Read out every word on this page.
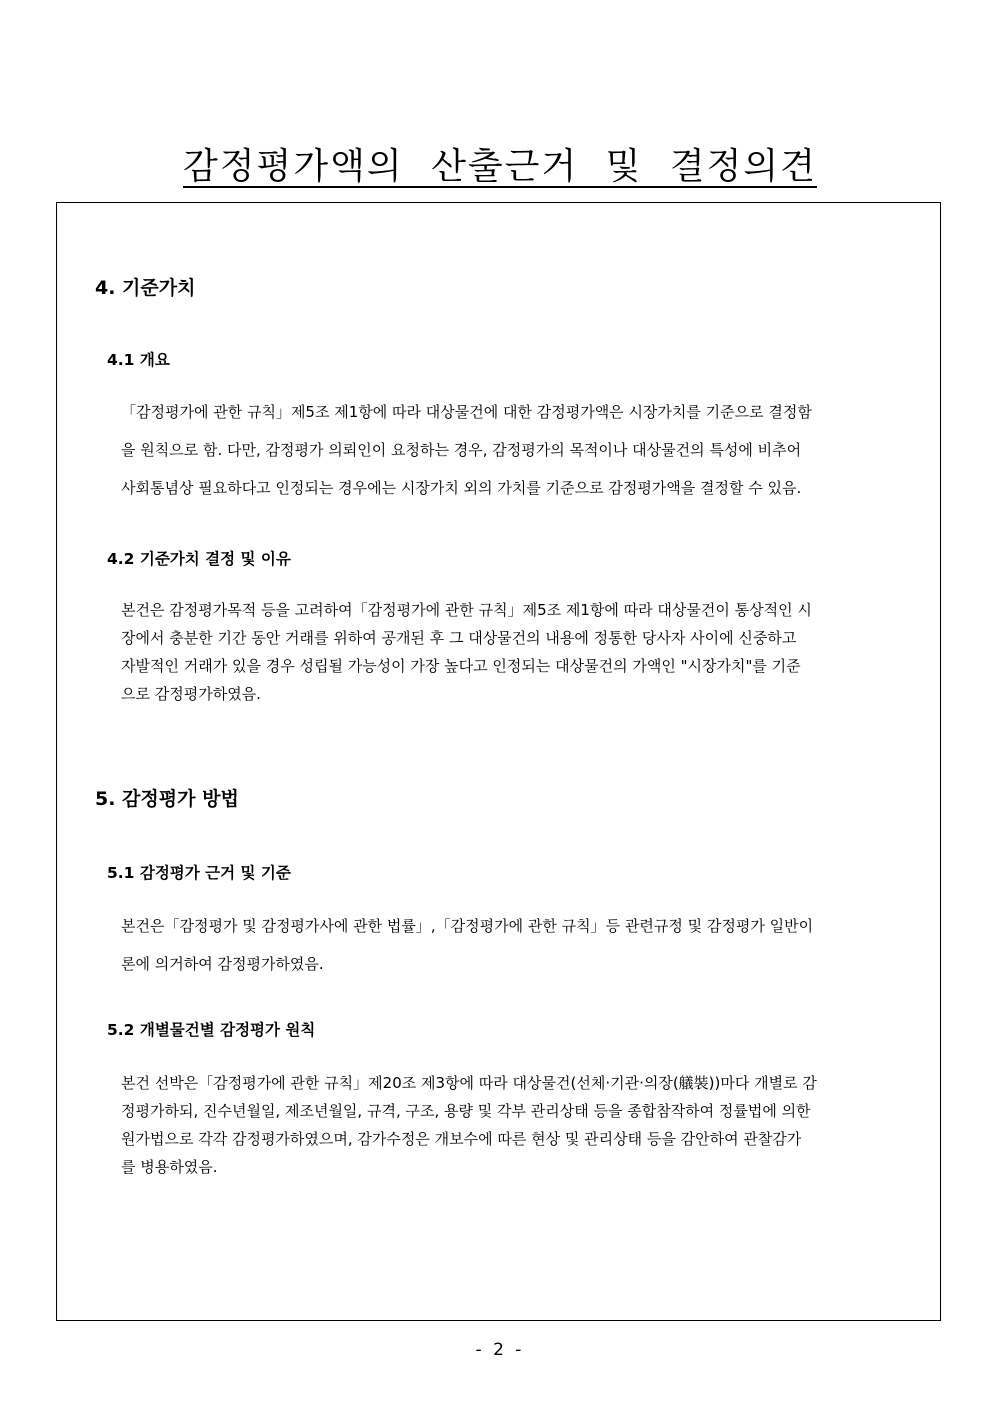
감정평가액의 산출근거 및 결정의견
4. 기준가치
4.1 개요

「감정평가에 관한 규칙」제5조 제1항에 따라 대상물건에 대한 감정평가액은 시장가치를 기준으로 결정함
을 원칙으로 함. 다만, 감정평가 의뢰인이 요청하는 경우, 감정평가의 목적이나 대상물건의 특성에 비추어
사회통념상 필요하다고 인정되는 경우에는 시장가치 외의 가치를 기준으로 감정평가액을 결정할 수 있음.

4.2 기준가치 결정 및 이유

본건은 감정평가목적 등을 고려하여「감정평가에 관한 규칙」제5조 제1항에 따라 대상물건이 통상적인 시
장에서 충분한 기간 동안 거래를 위하여 공개된 후 그 대상물건의 내용에 정통한 당사자 사이에 신중하고
자발적인 거래가 있을 경우 성립될 가능성이 가장 높다고 인정되는 대상물건의 가액인 "시장가치"를 기준
으로 감정평가하였음.

5. 감정평가 방법
5.1 감정평가 근거 및 기준

본건은「감정평가 및 감정평가사에 관한 법률」,「감정평가에 관한 규칙」등 관련규정 및 감정평가 일반이
론에 의거하여 감정평가하였음.

5.2 개별물건별 감정평가 원칙

본건 선박은「감정평가에 관한 규칙」제20조 제3항에 따라 대상물건(선체·기관·의장(艤裝))마다 개별로 감
정평가하되, 진수년월일, 제조년월일, 규격, 구조, 용량 및 각부 관리상태 등을 종합참작하여 정률법에 의한
원가법으로 각각 감정평가하였으며, 감가수정은 개보수에 따른 현상 및 관리상태 등을 감안하여 관찰감가
를 병용하였음.

- 2 -
